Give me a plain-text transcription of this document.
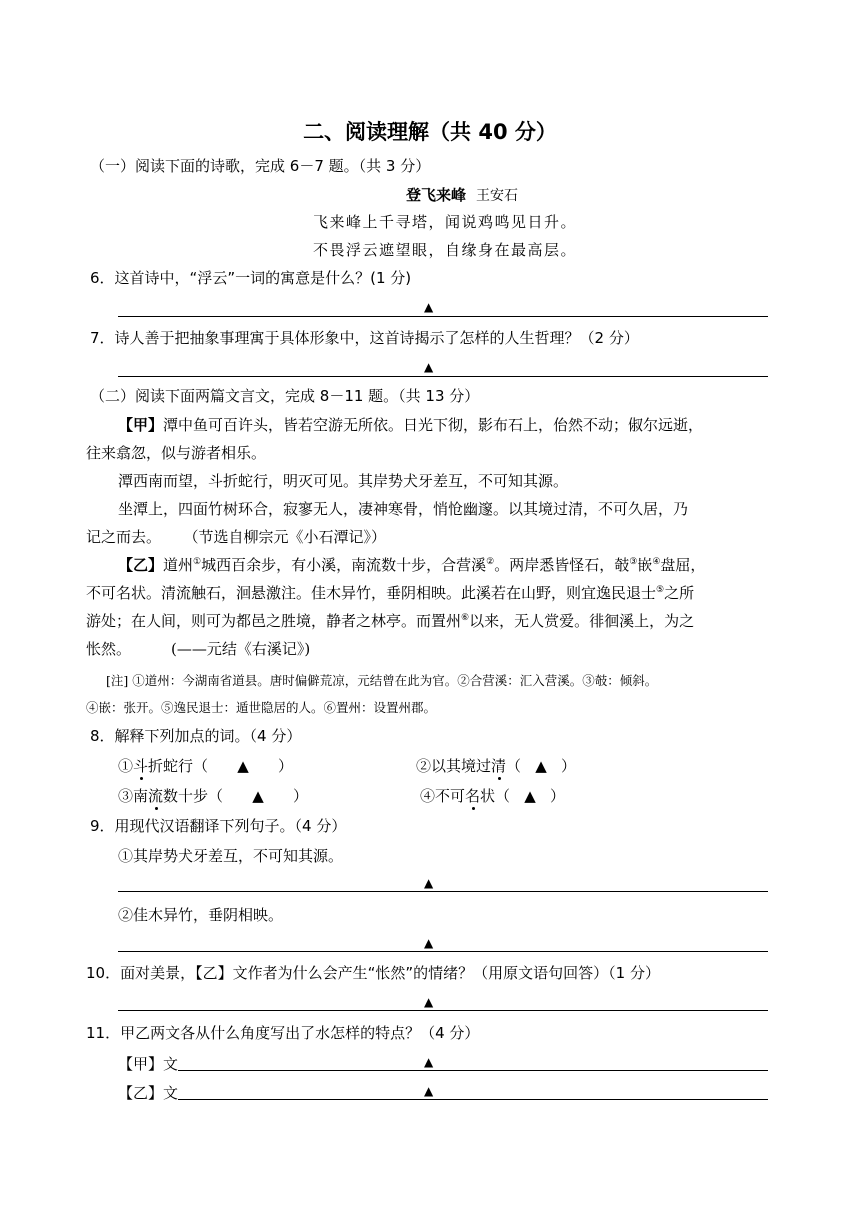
二、阅读理解（共 40 分）
（一）阅读下面的诗歌，完成 6－7 题。（共 3 分）
登飞来峰 王安石
飞来峰上千寻塔，闻说鸡鸣见日升。
不畏浮云遮望眼，自缘身在最高层。
6．这首诗中，“浮云”一词的寓意是什么？(1 分)
▲
7．诗人善于把抽象事理寓于具体形象中，这首诗揭示了怎样的人生哲理？（2 分）
▲
（二）阅读下面两篇文言文，完成 8－11 题。（共 13 分）
【甲】潭中鱼可百许头，皆若空游无所依。日光下彻，影布石上，佁然不动；俶尔远逝，
往来翕忽，似与游者相乐。
潭西南而望，斗折蛇行，明灭可见。其岸势犬牙差互，不可知其源。
坐潭上，四面竹树环合，寂寥无人，凄神寒骨，悄怆幽邃。以其境过清，不可久居，乃
记之而去。 （节选自柳宗元《小石潭记》）
【乙】道州①城西百余步，有小溪，南流数十步，合营溪②。两岸悉皆怪石，攲③嵌④盘屈，
不可名状。清流触石，洄悬激注。佳木异竹，垂阴相映。此溪若在山野，则宜逸民退士⑤之所
游处；在人间，则可为都邑之胜境，静者之林亭。而置州⑥以来，无人赏爱。徘徊溪上，为之
怅然。	(——元结《右溪记》)
[注] ①道州：今湖南省道县。唐时偏僻荒凉，元结曾在此为官。②合营溪：汇入营溪。③攲：倾斜。
④嵌：张开。⑤逸民退士：遁世隐居的人。⑥置州：设置州郡。
8．解释下列加点的词。（4 分）
①斗折蛇行（ ▲ ）	②以其境过清（ ▲ ）
③南流数十步（ ▲ ）	④不可名状（ ▲ ）
9．用现代汉语翻译下列句子。（4 分）
①其岸势犬牙差互，不可知其源。
▲
②佳木异竹，垂阴相映。
▲
10．面对美景，【乙】文作者为什么会产生“怅然”的情绪？（用原文语句回答）（1 分）
▲
11．甲乙两文各从什么角度写出了水怎样的特点？（4 分）
【甲】文	▲
【乙】文	▲
